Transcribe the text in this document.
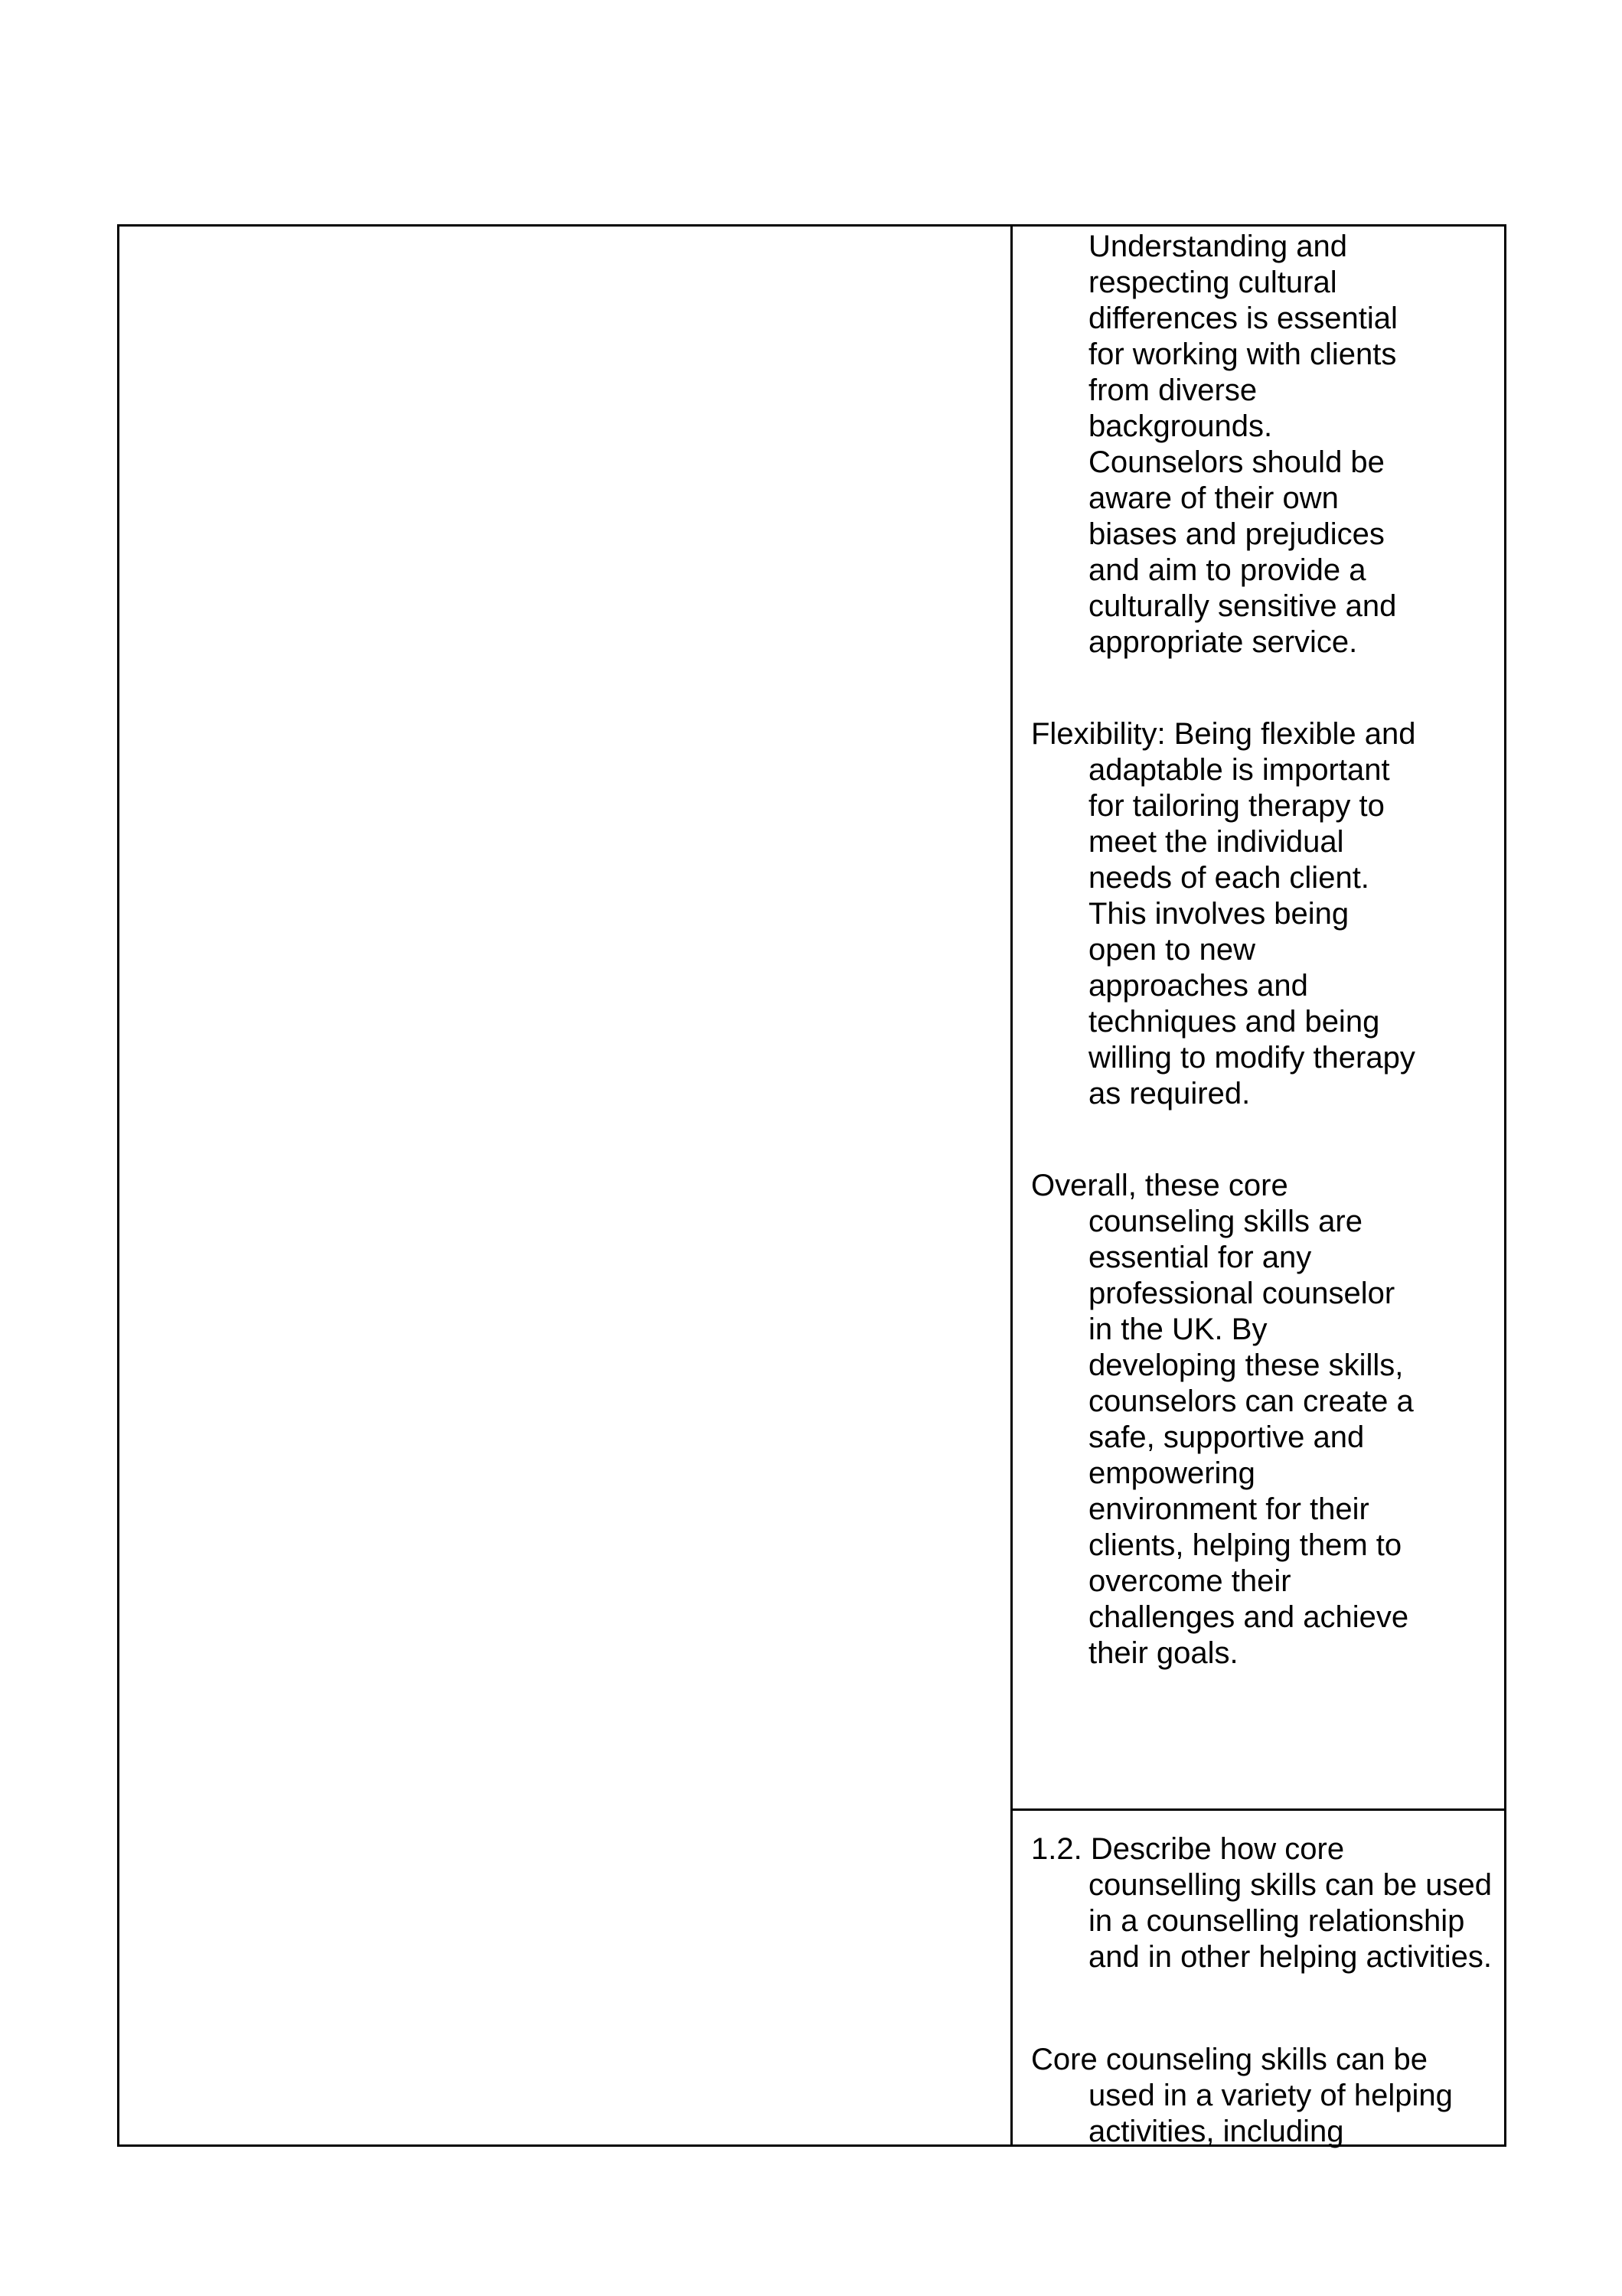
Understanding and
respecting cultural
differences is essential
for working with clients
from diverse
backgrounds.
Counselors should be
aware of their own
biases and prejudices
and aim to provide a
culturally sensitive and
appropriate service.

Flexibility: Being flexible and
adaptable is important
for tailoring therapy to
meet the individual
needs of each client.
This involves being
open to new
approaches and
techniques and being
willing to modify therapy
as required.

Overall, these core
counseling skills are
essential for any
professional counselor
in the UK. By
developing these skills,
counselors can create a
safe, supportive and
empowering
environment for their
clients, helping them to
overcome their
challenges and achieve
their goals.

1.2. Describe how core
counselling skills can be used
in a counselling relationship
and in other helping activities.

Core counseling skills can be
used in a variety of helping
activities, including
